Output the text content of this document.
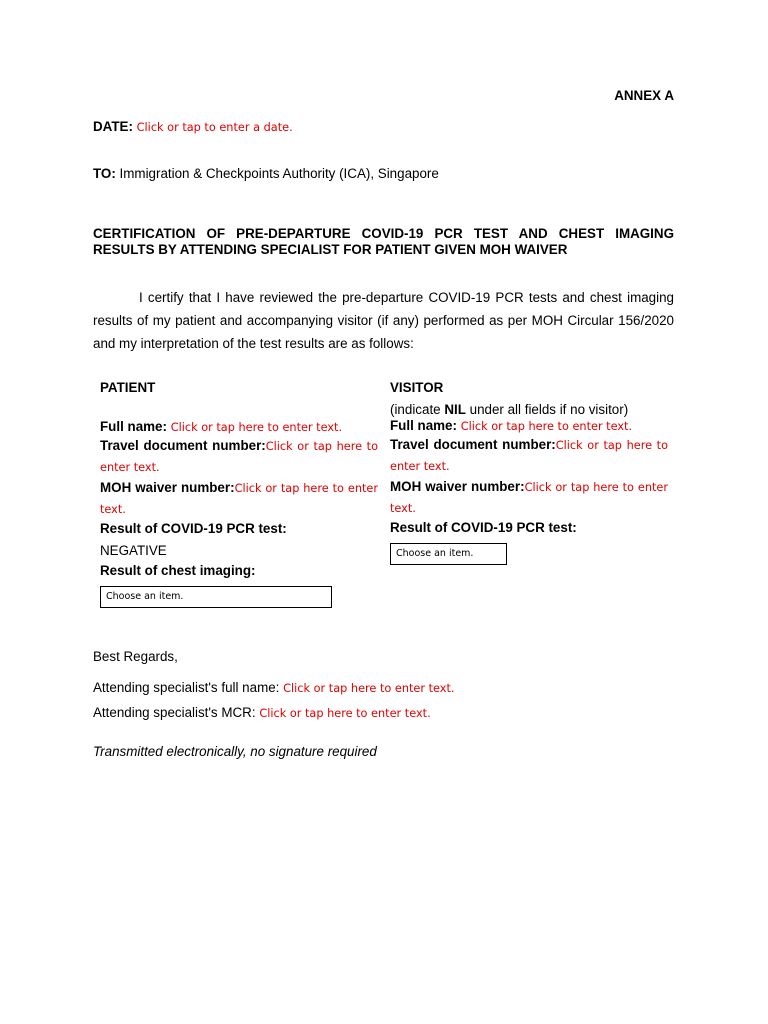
ANNEX A
DATE: Click or tap to enter a date.
TO: Immigration & Checkpoints Authority (ICA), Singapore
CERTIFICATION OF PRE-DEPARTURE COVID-19 PCR TEST AND CHEST IMAGING RESULTS BY ATTENDING SPECIALIST FOR PATIENT GIVEN MOH WAIVER

I certify that I have reviewed the pre-departure COVID-19 PCR tests and chest imaging results of my patient and accompanying visitor (if any) performed as per MOH Circular 156/2020 and my interpretation of the test results are as follows:

PATIENT
Full name: Click or tap here to enter text.
Travel document number:Click or tap here to enter text.
MOH waiver number:Click or tap here to enter text.
Result of COVID-19 PCR test:
NEGATIVE
Result of chest imaging:
Choose an item.
VISITOR
(indicate NIL under all fields if no visitor)
Full name: Click or tap here to enter text.
Travel document number:Click or tap here to enter text.
MOH waiver number:Click or tap here to enter text.
Result of COVID-19 PCR test:
Choose an item.
Best Regards,
Attending specialist's full name: Click or tap here to enter text.
Attending specialist's MCR: Click or tap here to enter text.
Transmitted electronically, no signature required
